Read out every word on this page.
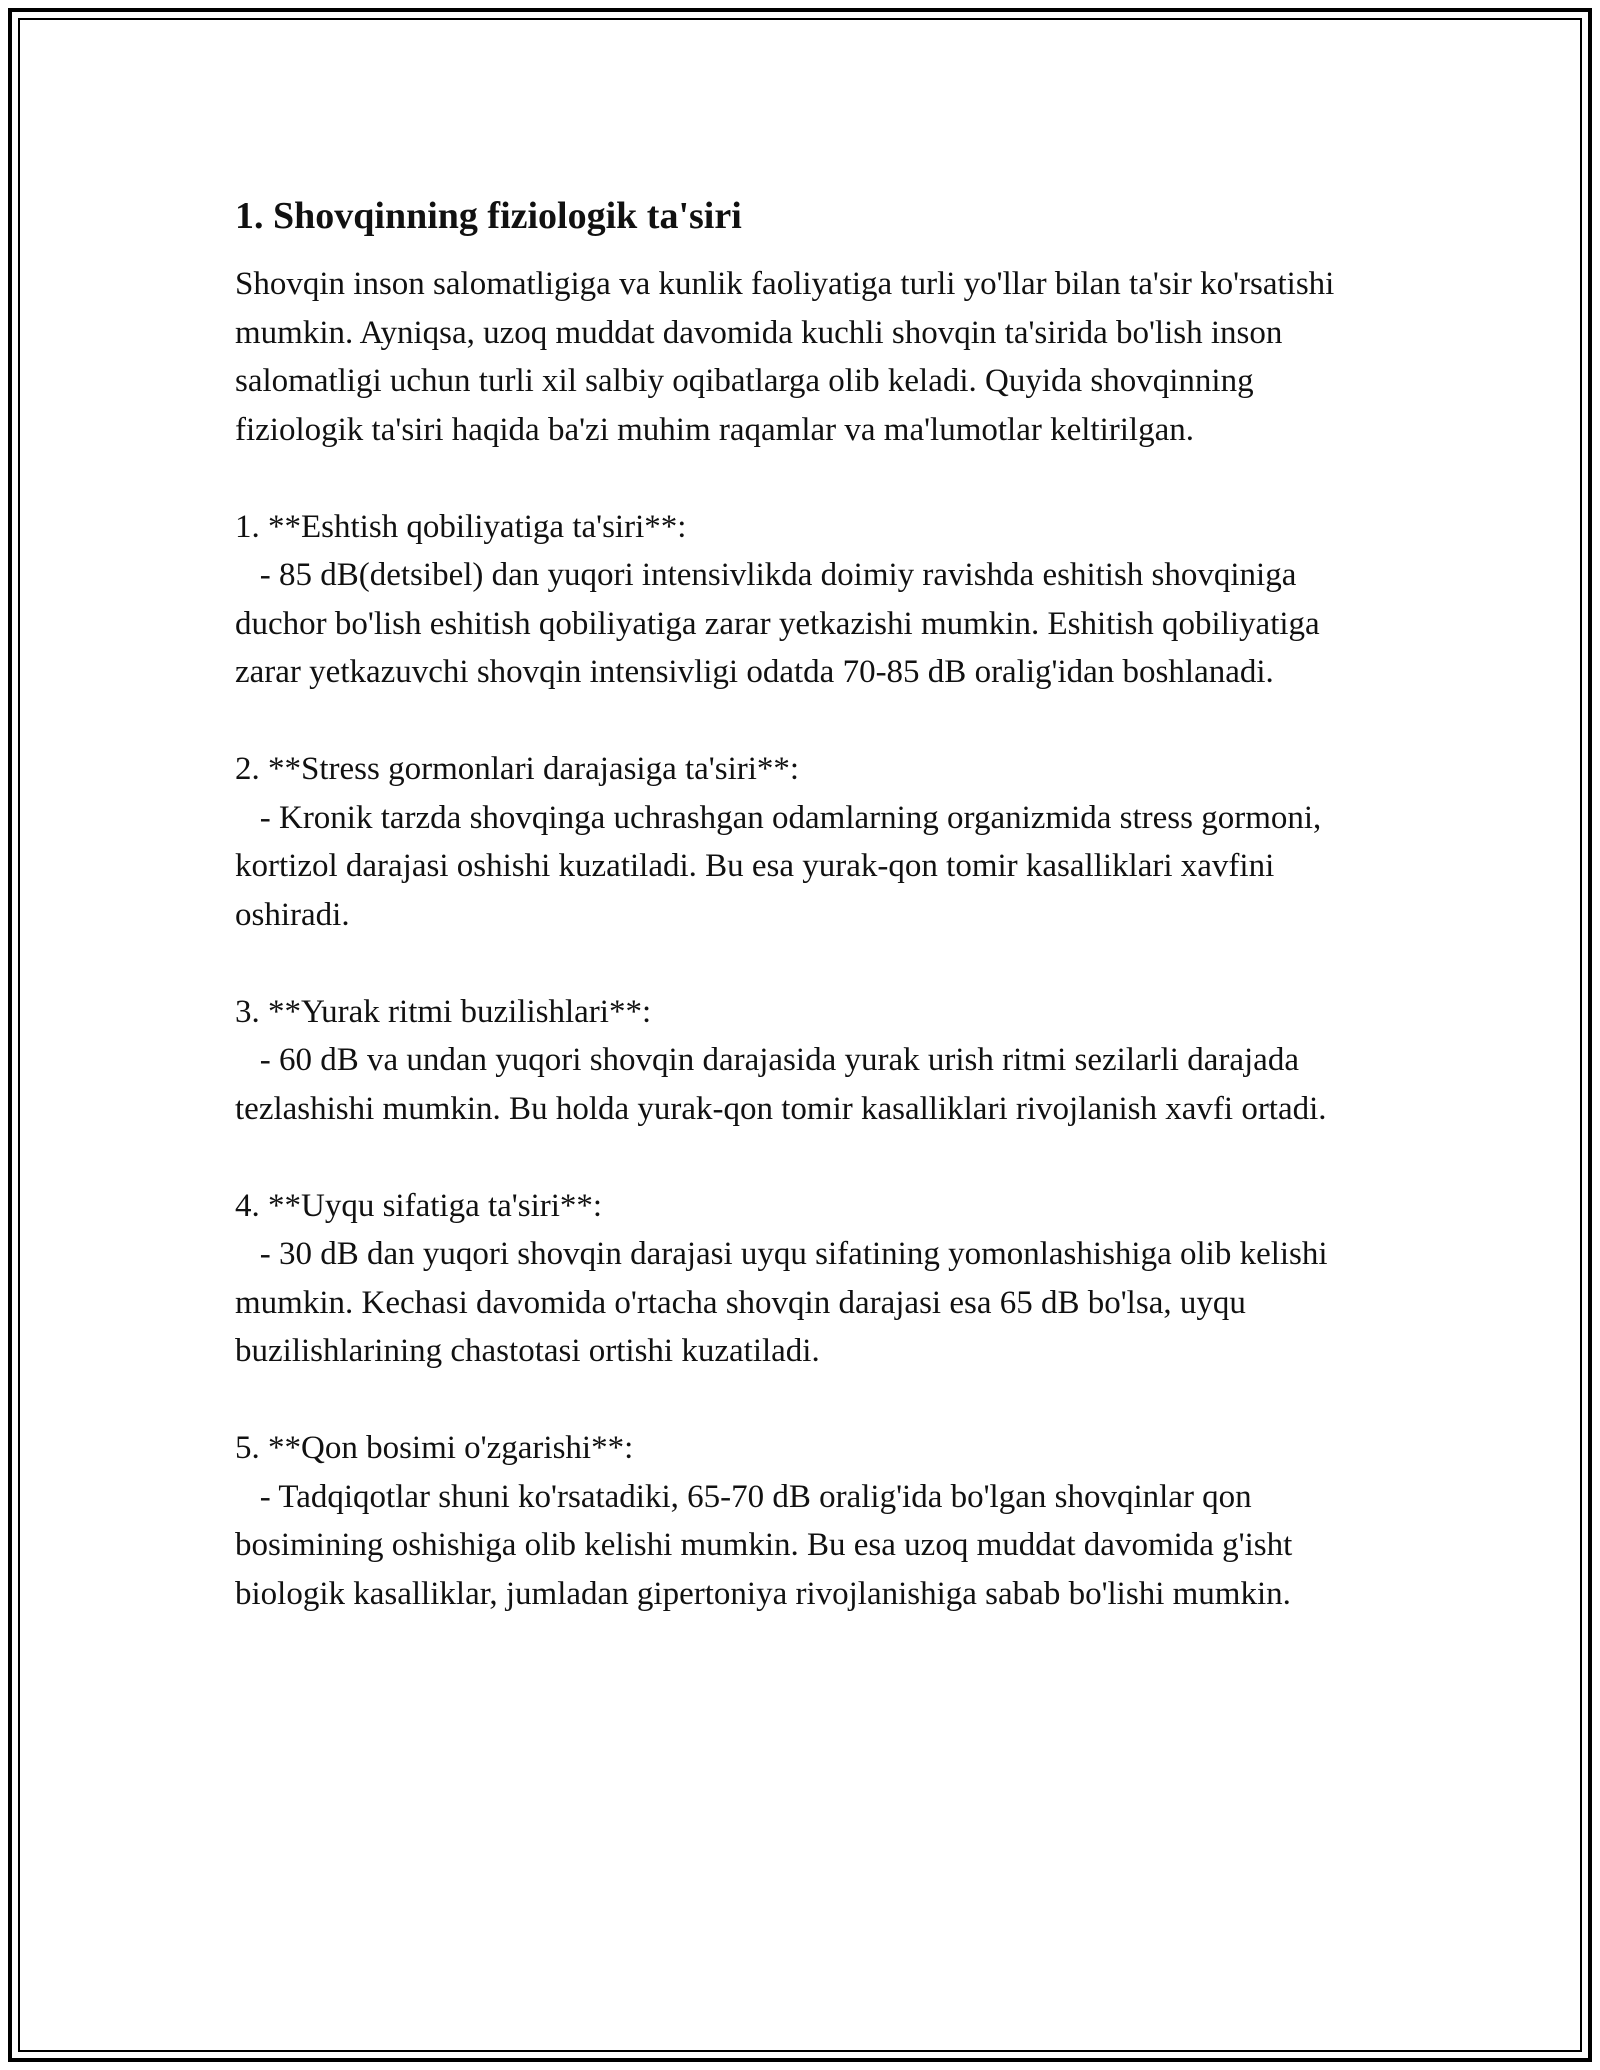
1. Shovqinning fiziologik ta'siri

Shovqin inson salomatligiga va kunlik faoliyatiga turli yo'llar bilan ta'sir ko'rsatishi mumkin. Ayniqsa, uzoq muddat davomida kuchli shovqin ta'sirida bo'lish inson salomatligi uchun turli xil salbiy oqibatlarga olib keladi. Quyida shovqinning fiziologik ta'siri haqida ba'zi muhim raqamlar va ma'lumotlar keltirilgan.

1. **Eshtish qobiliyatiga ta'siri**:

- 85 dB(detsibel) dan yuqori intensivlikda doimiy ravishda eshitish shovqiniga duchor bo'lish eshitish qobiliyatiga zarar yetkazishi mumkin. Eshitish qobiliyatiga zarar yetkazuvchi shovqin intensivligi odatda 70-85 dB oralig'idan boshlanadi.

2. **Stress gormonlari darajasiga ta'siri**:

- Kronik tarzda shovqinga uchrashgan odamlarning organizmida stress gormoni, kortizol darajasi oshishi kuzatiladi. Bu esa yurak-qon tomir kasalliklari xavfini oshiradi.

3. **Yurak ritmi buzilishlari**:

- 60 dB va undan yuqori shovqin darajasida yurak urish ritmi sezilarli darajada tezlashishi mumkin. Bu holda yurak-qon tomir kasalliklari rivojlanish xavfi ortadi.

4. **Uyqu sifatiga ta'siri**:

- 30 dB dan yuqori shovqin darajasi uyqu sifatining yomonlashishiga olib kelishi mumkin. Kechasi davomida o'rtacha shovqin darajasi esa 65 dB bo'lsa, uyqu buzilishlarining chastotasi ortishi kuzatiladi.

5. **Qon bosimi o'zgarishi**:

- Tadqiqotlar shuni ko'rsatadiki, 65-70 dB oralig'ida bo'lgan shovqinlar qon bosimining oshishiga olib kelishi mumkin. Bu esa uzoq muddat davomida g'isht biologik kasalliklar, jumladan gipertoniya rivojlanishiga sabab bo'lishi mumkin.
